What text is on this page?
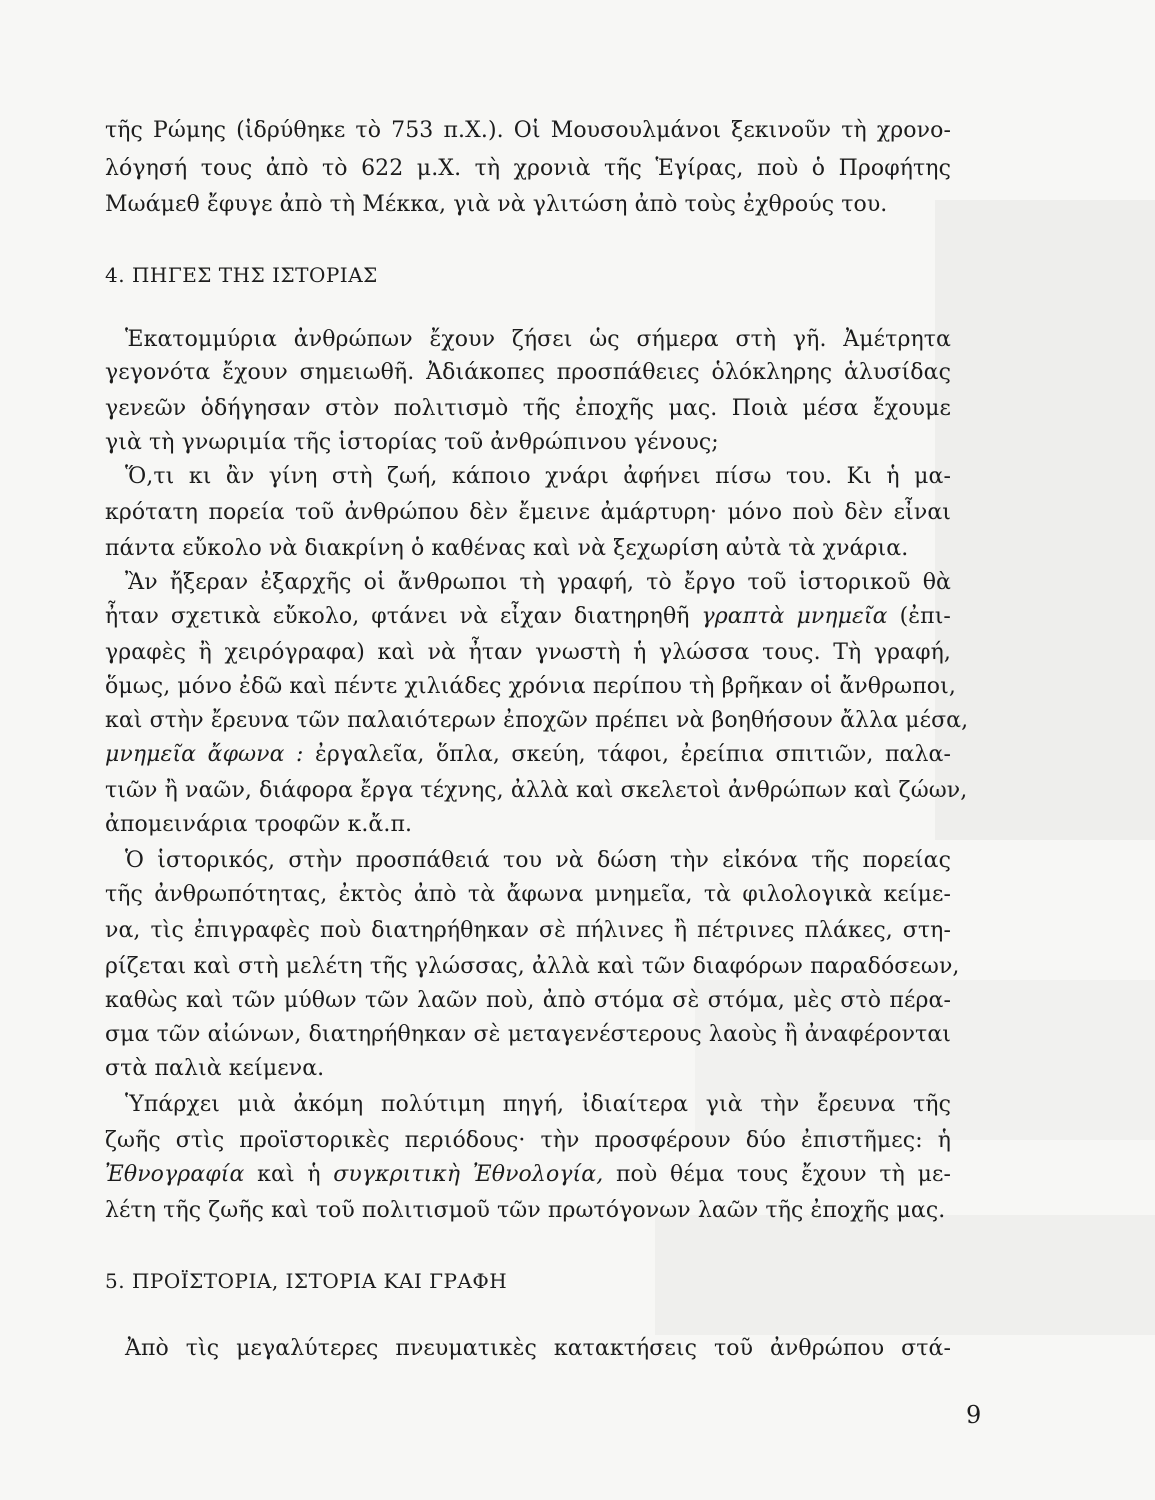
τῆς Ρώμης (ἱδρύθηκε τὸ 753 π.Χ.). Οἱ Μουσουλμάνοι ξεκινοῦν τὴ χρονο-
λόγησή τους ἀπὸ τὸ 622 μ.Χ. τὴ χρονιὰ τῆς Ἑγίρας, ποὺ ὁ Προφήτης
Μωάμεθ ἔφυγε ἀπὸ τὴ Μέκκα, γιὰ νὰ γλιτώση ἀπὸ τοὺς ἐχθρούς του.
4. ΠΗΓΕΣ ΤΗΣ ΙΣΤΟΡΙΑΣ
Ἑκατομμύρια ἀνθρώπων ἔχουν ζήσει ὡς σήμερα στὴ γῆ. Ἀμέτρητα
γεγονότα ἔχουν σημειωθῆ. Ἀδιάκοπες προσπάθειες ὁλόκληρης ἁλυσίδας
γενεῶν ὁδήγησαν στὸν πολιτισμὸ τῆς ἐποχῆς μας. Ποιὰ μέσα ἔχουμε
γιὰ τὴ γνωριμία τῆς ἱστορίας τοῦ ἀνθρώπινου γένους;
Ὅ,τι κι ἂν γίνη στὴ ζωή, κάποιο χνάρι ἀφήνει πίσω του. Κι ἡ μα-
κρότατη πορεία τοῦ ἀνθρώπου δὲν ἔμεινε ἀμάρτυρη· μόνο ποὺ δὲν εἶναι
πάντα εὔκολο νὰ διακρίνη ὁ καθένας καὶ νὰ ξεχωρίση αὐτὰ τὰ χνάρια.
Ἂν ἤξεραν ἐξαρχῆς οἱ ἄνθρωποι τὴ γραφή, τὸ ἔργο τοῦ ἱστορικοῦ θὰ
ἦταν σχετικὰ εὔκολο, φτάνει νὰ εἶχαν διατηρηθῆ γραπτὰ μνημεῖα (ἐπι-
γραφὲς ἢ χειρόγραφα) καὶ νὰ ἦταν γνωστὴ ἡ γλώσσα τους. Τὴ γραφή,
ὅμως, μόνο ἐδῶ καὶ πέντε χιλιάδες χρόνια περίπου τὴ βρῆκαν οἱ ἄνθρωποι,
καὶ στὴν ἔρευνα τῶν παλαιότερων ἐποχῶν πρέπει νὰ βοηθήσουν ἄλλα μέσα,
μνημεῖα ἄφωνα : ἐργαλεῖα, ὅπλα, σκεύη, τάφοι, ἐρείπια σπιτιῶν, παλα-
τιῶν ἢ ναῶν, διάφορα ἔργα τέχνης, ἀλλὰ καὶ σκελετοὶ ἀνθρώπων καὶ ζώων,
ἀπομεινάρια τροφῶν κ.ἄ.π.
Ὁ ἱστορικός, στὴν προσπάθειά του νὰ δώση τὴν εἰκόνα τῆς πορείας
τῆς ἀνθρωπότητας, ἐκτὸς ἀπὸ τὰ ἄφωνα μνημεῖα, τὰ φιλολογικὰ κείμε-
να, τὶς ἐπιγραφὲς ποὺ διατηρήθηκαν σὲ πήλινες ἢ πέτρινες πλάκες, στη-
ρίζεται καὶ στὴ μελέτη τῆς γλώσσας, ἀλλὰ καὶ τῶν διαφόρων παραδόσεων,
καθὼς καὶ τῶν μύθων τῶν λαῶν ποὺ, ἀπὸ στόμα σὲ στόμα, μὲς στὸ πέρα-
σμα τῶν αἰώνων, διατηρήθηκαν σὲ μεταγενέστερους λαοὺς ἢ ἀναφέρονται
στὰ παλιὰ κείμενα.
Ὑπάρχει μιὰ ἀκόμη πολύτιμη πηγή, ἰδιαίτερα γιὰ τὴν ἔρευνα τῆς
ζωῆς στὶς προϊστορικὲς περιόδους· τὴν προσφέρουν δύο ἐπιστῆμες: ἡ
Ἐθνογραφία καὶ ἡ συγκριτικὴ Ἐθνολογία, ποὺ θέμα τους ἔχουν τὴ με-
λέτη τῆς ζωῆς καὶ τοῦ πολιτισμοῦ τῶν πρωτόγονων λαῶν τῆς ἐποχῆς μας.
5. ΠΡΟΪΣΤΟΡΙΑ, ΙΣΤΟΡΙΑ ΚΑΙ ΓΡΑΦΗ
Ἀπὸ τὶς μεγαλύτερες πνευματικὲς κατακτήσεις τοῦ ἀνθρώπου στά-
9
